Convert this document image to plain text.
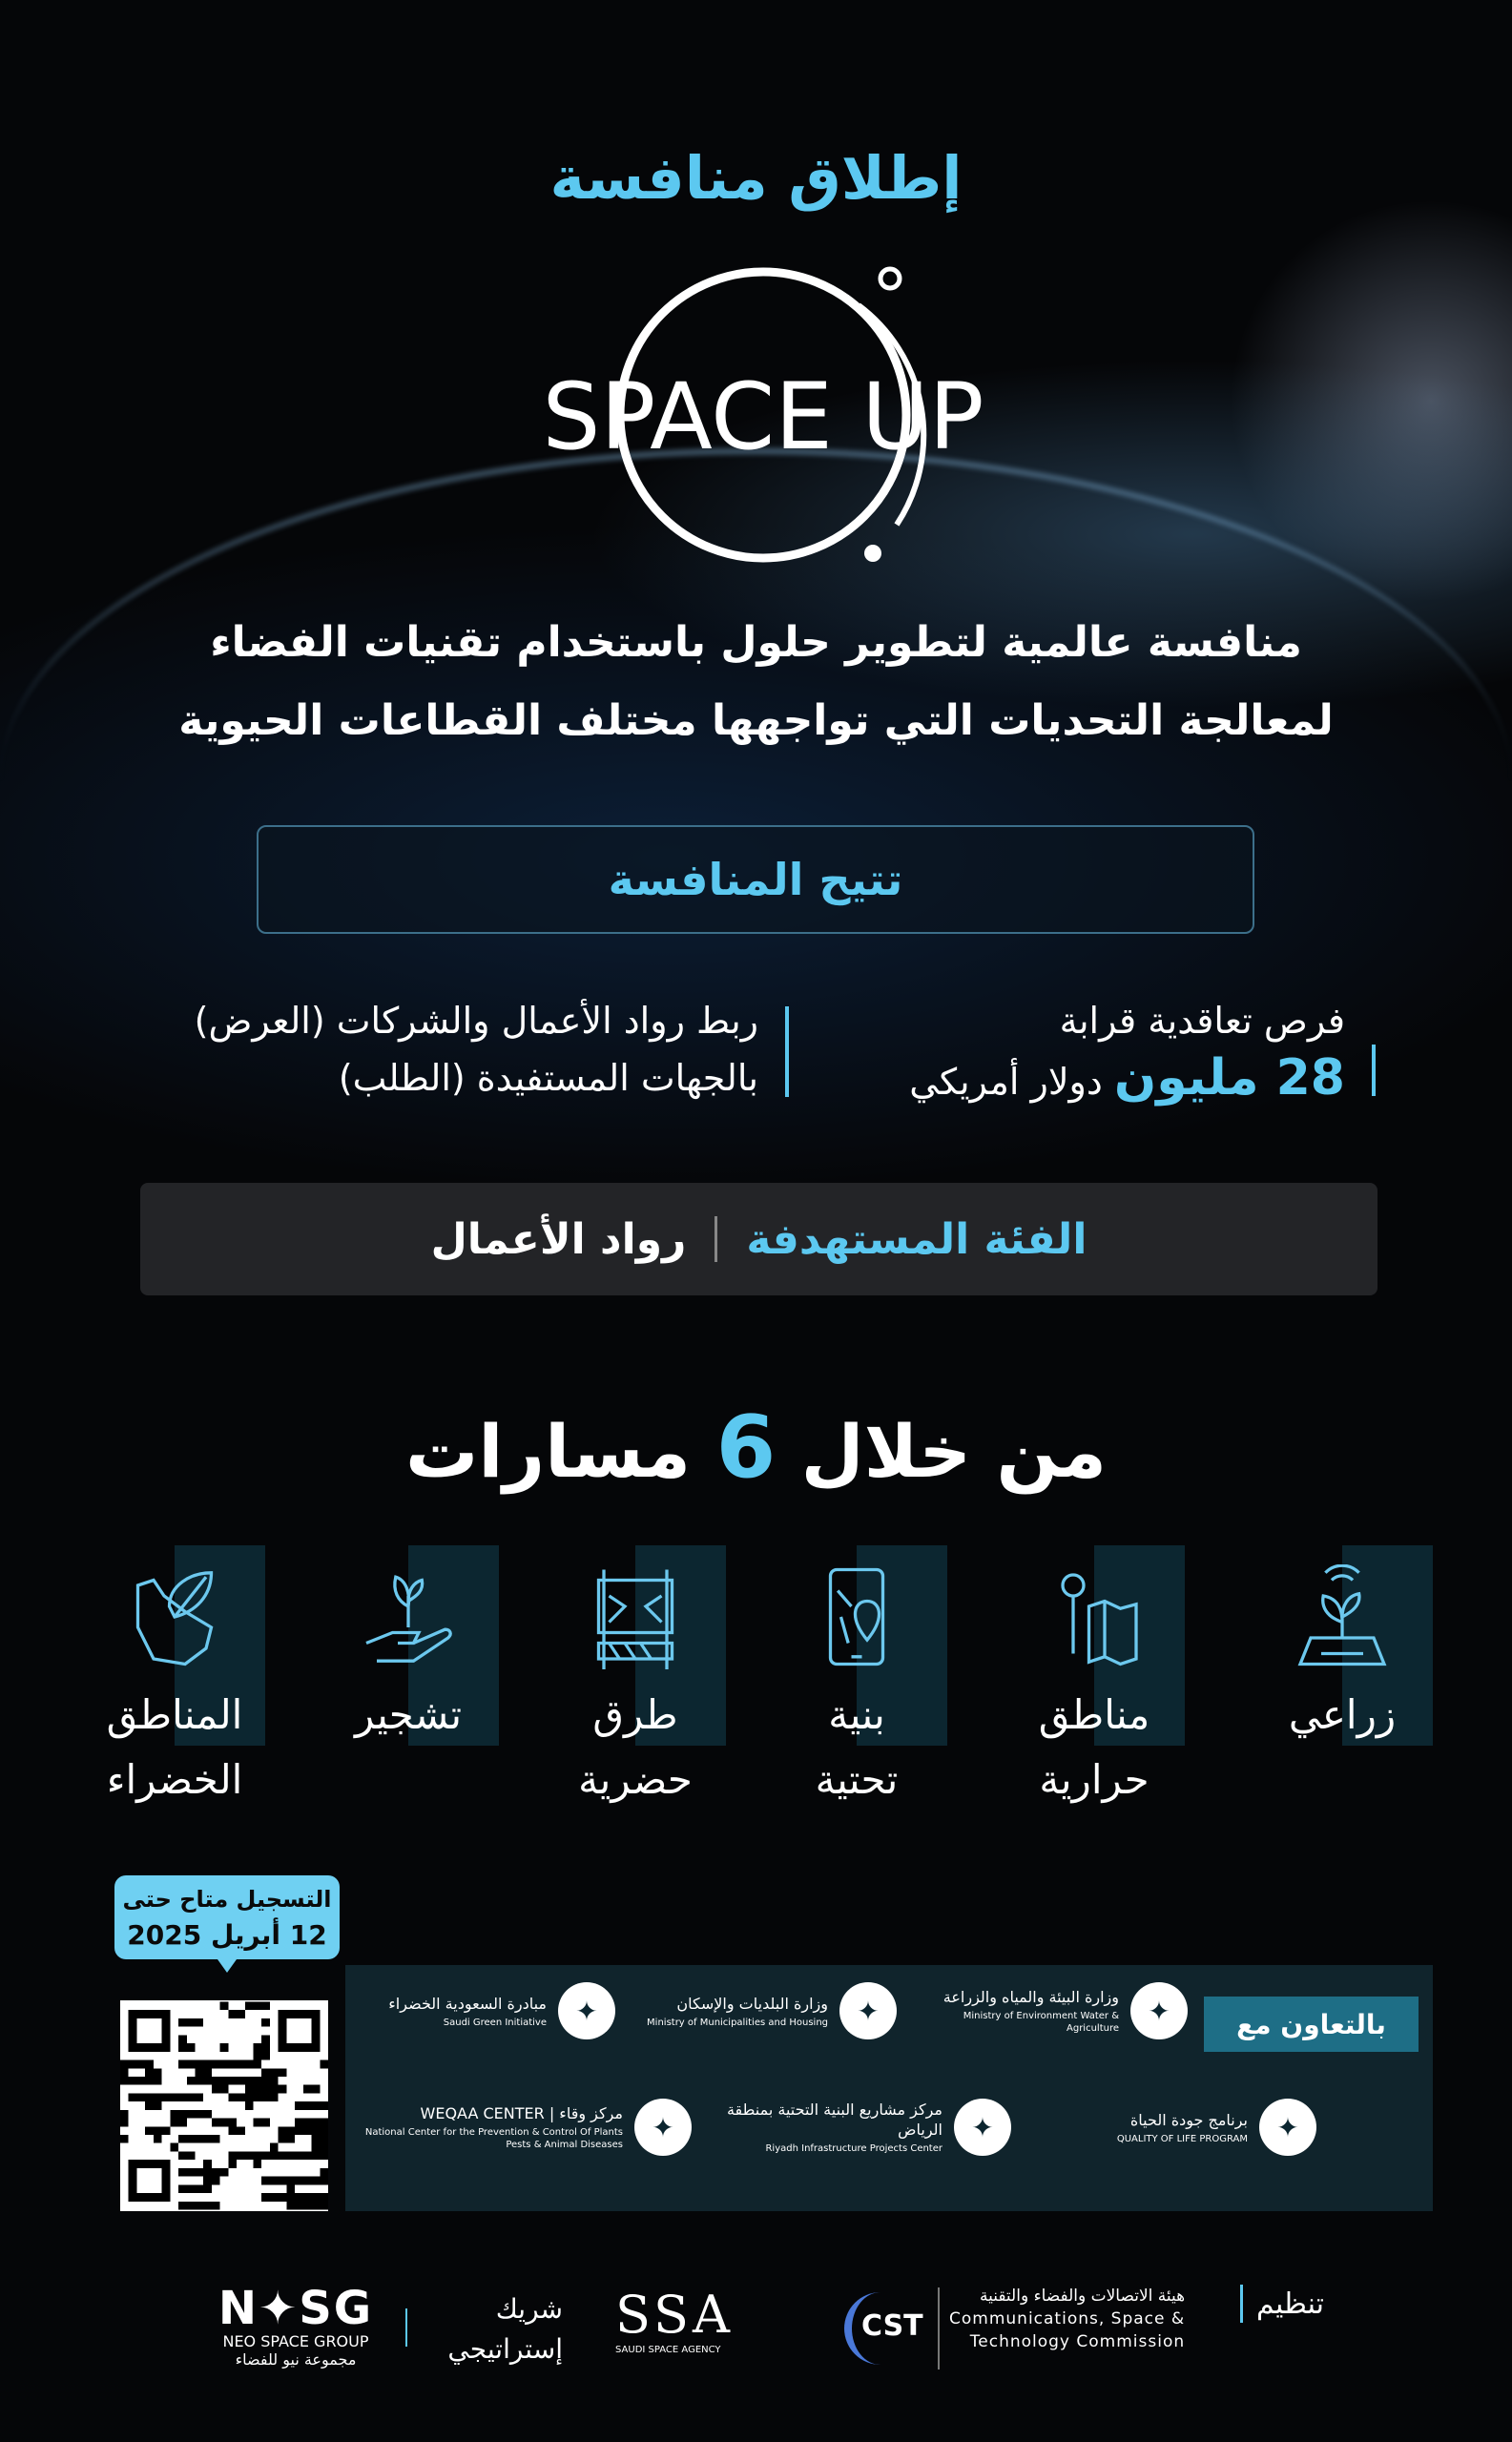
إطلاق منافسة
SPACE UP
منافسة عالمية لتطوير حلول باستخدام تقنيات الفضاء
لمعالجة التحديات التي تواجهها مختلف القطاعات الحيوية
تتيح المنافسة
فرص تعاقدية قرابة
28 مليون دولار أمريكي
ربط رواد الأعمال والشركات (العرض)
بالجهات المستفيدة (الطلب)
الفئة المستهدفة
رواد الأعمال
من خلال 6 مسارات
زراعي
مناطق
حرارية
بنية
تحتية
طرق
حضرية
تشجير
المناطق
الخضراء
التسجيل متاح حتى
12 أبريل 2025
بالتعاون مع
✦
وزارة البيئة والمياه والزراعة
Ministry of Environment Water & Agriculture
✦
وزارة البلديات والإسكان
Ministry of Municipalities and Housing
✦
مبادرة السعودية الخضراء
Saudi Green Initiative
✦
برنامج جودة الحياة
QUALITY OF LIFE PROGRAM
✦
مركز مشاريع البنية التحتية بمنطقة الرياض
Riyadh Infrastructure Projects Center
✦
مركز وقاء | WEQAA CENTER
National Center for the Prevention & Control Of Plants Pests & Animal Diseases
تنظيم
هيئة الاتصالات والفضاء والتقنية
Communications, Space &
Technology Commission
CST
SSA
SAUDI SPACE AGENCY
شريك
إستراتيجي
N✦SG
NEO SPACE GROUP
مجموعة نيو للفضاء
